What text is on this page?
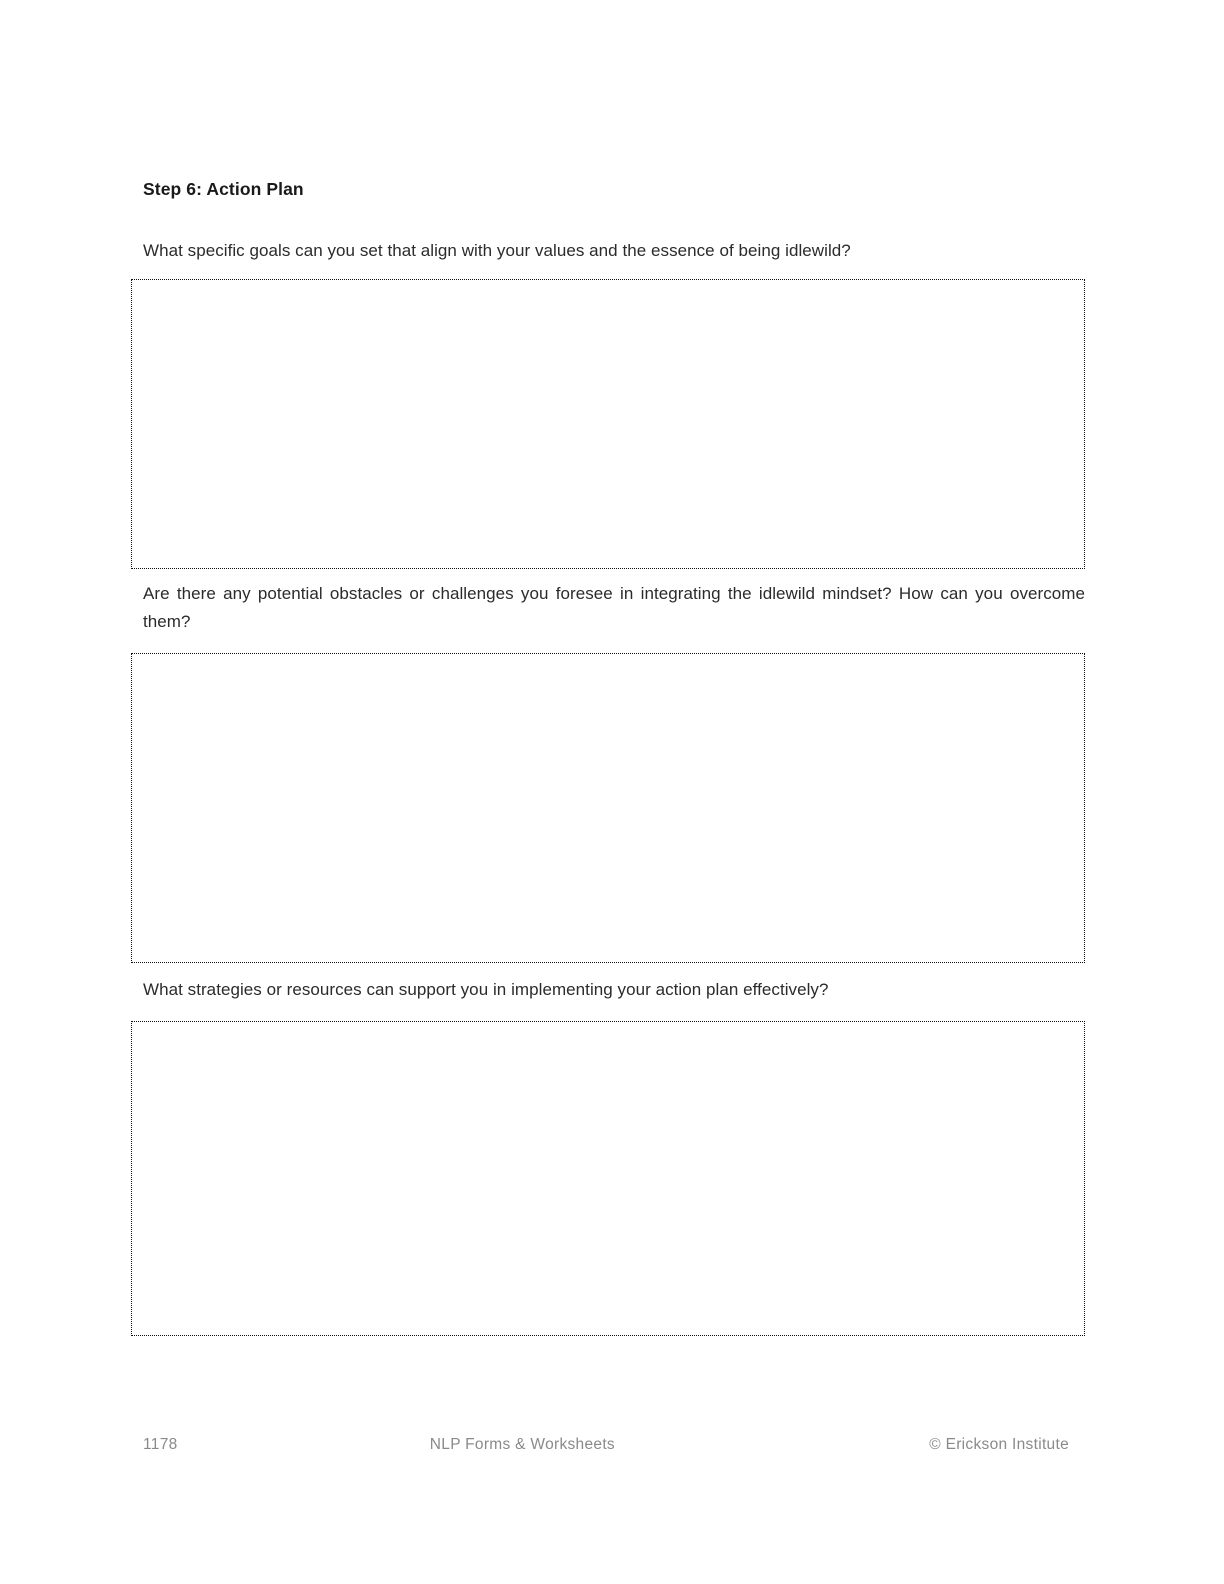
Step 6: Action Plan

What specific goals can you set that align with your values and the essence of being idlewild?

Are there any potential obstacles or challenges you foresee in integrating the idlewild mindset? How can you overcome them?

What strategies or resources can support you in implementing your action plan effectively?

1178	NLP Forms & Worksheets	© Erickson Institute
